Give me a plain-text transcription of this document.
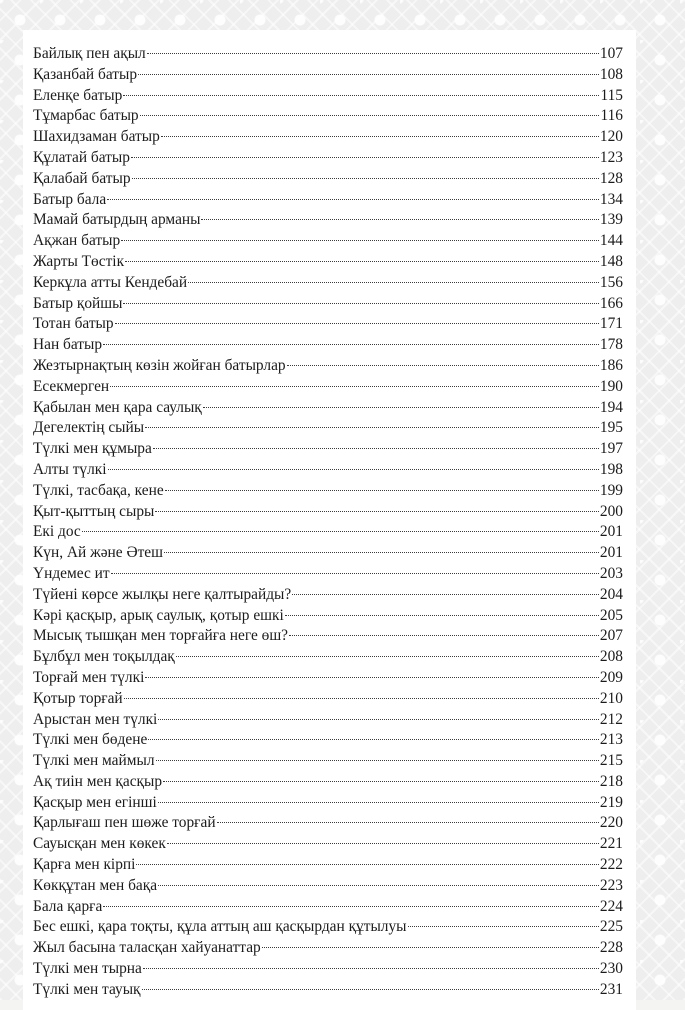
Байлық пен ақыл	107
Қазанбай батыр	108
Еленқе батыр	115
Тұмарбас батыр	116
Шахидзаман батыр	120
Құлатай батыр	123
Қалабай батыр	128
Батыр бала	134
Мамай батырдың арманы	139
Ақжан батыр	144
Жарты Төстік	148
Керкұла атты Кендебай	156
Батыр қойшы	166
Тотан батыр	171
Нан батыр	178
Жезтырнақтың көзін жойған батырлар	186
Есекмерген	190
Қабылан мен қара саулық	194
Дегелектің сыйы	195
Түлкі мен құмыра	197
Алты түлкі	198
Түлкі, тасбақа, кене	199
Қыт-қыттың сыры	200
Екі дос	201
Күн, Ай және Әтеш	201
Үндемес ит	203
Түйені көрсе жылқы неге қалтырайды?	204
Кәрі қасқыр, арық саулық, қотыр ешкі	205
Мысық тышқан мен торғайға неге өш?	207
Бұлбұл мен тоқылдақ	208
Торғай мен түлкі	209
Қотыр торғай	210
Арыстан мен түлкі	212
Түлкі мен бөдене	213
Түлкі мен маймыл	215
Ақ тиін мен қасқыр	218
Қасқыр мен егінші	219
Қарлығаш пен шөже торғай	220
Сауысқан мен көкек	221
Қарға мен кірпі	222
Көкқұтан мен бақа	223
Бала қарға	224
Бес ешкі, қара тоқты, құла аттың аш қасқырдан құтылуы	225
Жыл басына таласқан хайуанаттар	228
Түлкі мен тырна	230
Түлкі мен тауық	231
